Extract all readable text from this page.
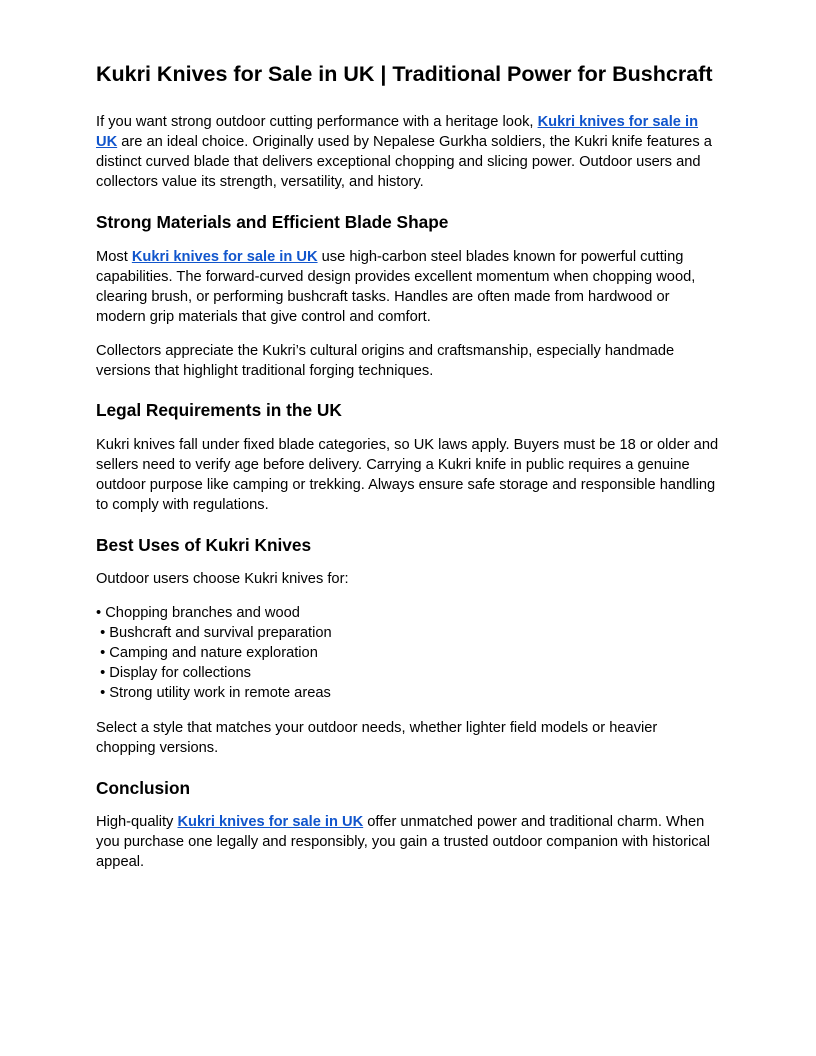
Kukri Knives for Sale in UK | Traditional Power for Bushcraft

If you want strong outdoor cutting performance with a heritage look, Kukri knives for sale in UK are an ideal choice. Originally used by Nepalese Gurkha soldiers, the Kukri knife features a distinct curved blade that delivers exceptional chopping and slicing power. Outdoor users and collectors value its strength, versatility, and history.

Strong Materials and Efficient Blade Shape

Most Kukri knives for sale in UK use high-carbon steel blades known for powerful cutting capabilities. The forward-curved design provides excellent momentum when chopping wood, clearing brush, or performing bushcraft tasks. Handles are often made from hardwood or modern grip materials that give control and comfort.

Collectors appreciate the Kukri’s cultural origins and craftsmanship, especially handmade versions that highlight traditional forging techniques.

Legal Requirements in the UK

Kukri knives fall under fixed blade categories, so UK laws apply. Buyers must be 18 or older and sellers need to verify age before delivery. Carrying a Kukri knife in public requires a genuine outdoor purpose like camping or trekking. Always ensure safe storage and responsible handling to comply with regulations.

Best Uses of Kukri Knives

Outdoor users choose Kukri knives for:

• Chopping branches and wood
• Bushcraft and survival preparation
• Camping and nature exploration
• Display for collections
• Strong utility work in remote areas

Select a style that matches your outdoor needs, whether lighter field models or heavier chopping versions.

Conclusion

High-quality Kukri knives for sale in UK offer unmatched power and traditional charm. When you purchase one legally and responsibly, you gain a trusted outdoor companion with historical appeal.
